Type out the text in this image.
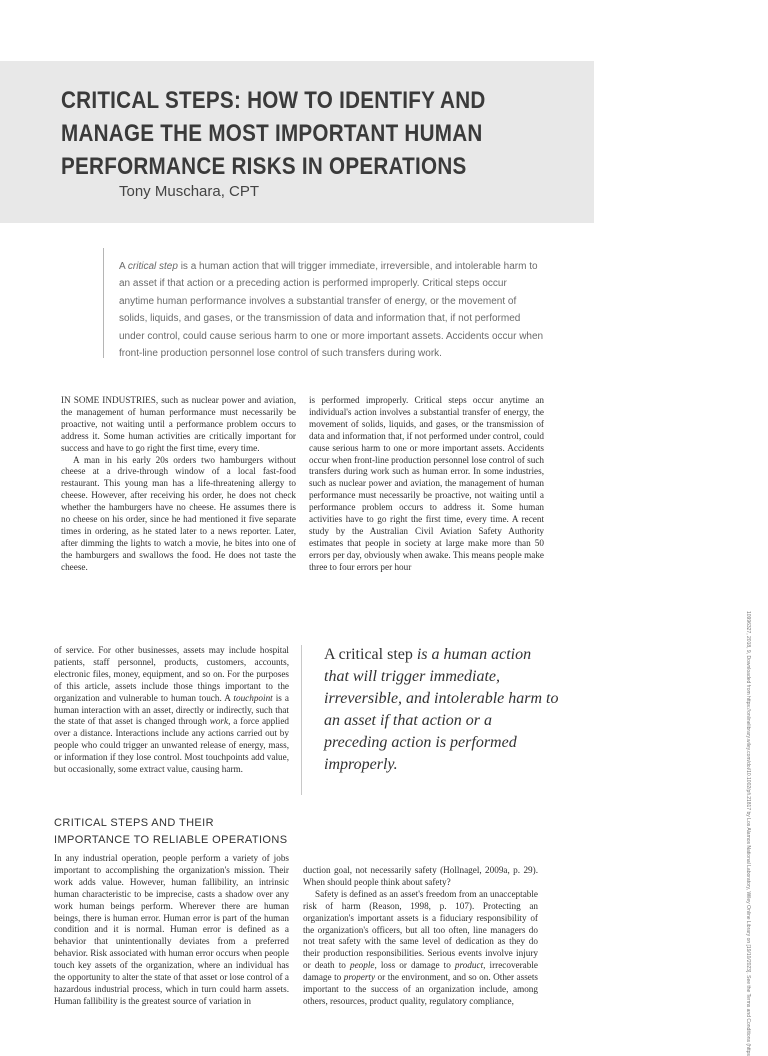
CRITICAL STEPS: HOW TO IDENTIFY AND
MANAGE THE MOST IMPORTANT HUMAN
PERFORMANCE RISKS IN OPERATIONS

Tony Muschara, CPT

A critical step is a human action that will trigger immediate, irreversible, and intolerable harm to an asset if that action or a preceding action is performed improperly. Critical steps occur anytime human performance involves a substantial transfer of energy, or the movement of solids, liquids, and gases, or the transmission of data and information that, if not performed under control, could cause serious harm to one or more important assets. Accidents occur when front-line production personnel lose control of such transfers during work.

IN SOME INDUSTRIES, such as nuclear power and aviation, the management of human performance must necessarily be proactive, not waiting until a performance problem occurs to address it. Some human activities are critically important for success and have to go right the first time, every time.

A man in his early 20s orders two hamburgers without cheese at a drive-through window of a local fast-food restaurant. This young man has a life-threatening allergy to cheese. However, after receiving his order, he does not check whether the hamburgers have no cheese. He assumes there is no cheese on his order, since he had mentioned it five separate times in ordering, as he stated later to a news reporter. Later, after dimming the lights to watch a movie, he bites into one of the hamburgers and swallows the food. He does not taste the cheese.

is performed improperly. Critical steps occur anytime an individual's action involves a substantial transfer of energy, the movement of solids, liquids, and gases, or the transmission of data and information that, if not performed under control, could cause serious harm to one or more important assets. Accidents occur when front-line production personnel lose control of such transfers during work such as human error. In some industries, such as nuclear power and aviation, the management of human performance must necessarily be proactive, not waiting until a performance problem occurs to address it. Some human activities have to go right the first time, every time. A recent study by the Australian Civil Aviation Safety Authority estimates that people in society at large make more than 50 errors per day, obviously when awake. This means people make three to four errors per hour

of service. For other businesses, assets may include hospital patients, staff personnel, products, customers, accounts, electronic files, money, equipment, and so on. For the purposes of this article, assets include those things important to the organization and vulnerable to human touch. A touchpoint is a human interaction with an asset, directly or indirectly, such that the state of that asset is changed through work, a force applied over a distance. Interactions include any actions carried out by people who could trigger an unwanted release of energy, mass, or information if they lose control. Most touchpoints add value, but occasionally, some extract value, causing harm.

A critical step is a human action that will trigger immediate, irreversible, and intolerable harm to an asset if that action or a preceding action is performed improperly.

CRITICAL STEPS AND THEIR
IMPORTANCE TO RELIABLE OPERATIONS

In any industrial operation, people perform a variety of jobs important to accomplishing the organization's mission. Their work adds value. However, human fallibility, an intrinsic human characteristic to be imprecise, casts a shadow over any work human beings perform. Wherever there are human beings, there is human error. Human error is part of the human condition and it is normal. Human error is defined as a behavior that unintentionally deviates from a preferred behavior. Risk associated with human error occurs when people touch key assets of the organization, where an individual has the opportunity to alter the state of that asset or lose control of a hazardous industrial process, which in turn could harm assets. Human fallibility is the greatest source of variation in

duction goal, not necessarily safety (Hollnagel, 2009a, p. 29). When should people think about safety?

Safety is defined as an asset's freedom from an unacceptable risk of harm (Reason, 1998, p. 107). Protecting an organization's important assets is a fiduciary responsibility of the organization's officers, but all too often, line managers do not treat safety with the same level of dedication as they do their production responsibilities. Serious events involve injury or death to people, loss or damage to product, irrecoverable damage to property or the environment, and so on. Other assets important to the success of an organization include, among others, resources, product quality, regulatory compliance,	10996327, 2018, 9, Downloaded from https://onlinelibrary.wiley.com/doi/10.1002/pfi.21817 by Los Alamos National Laboratory, Wiley Online Library on [19/10/2023]. See the Terms and Conditions (https
